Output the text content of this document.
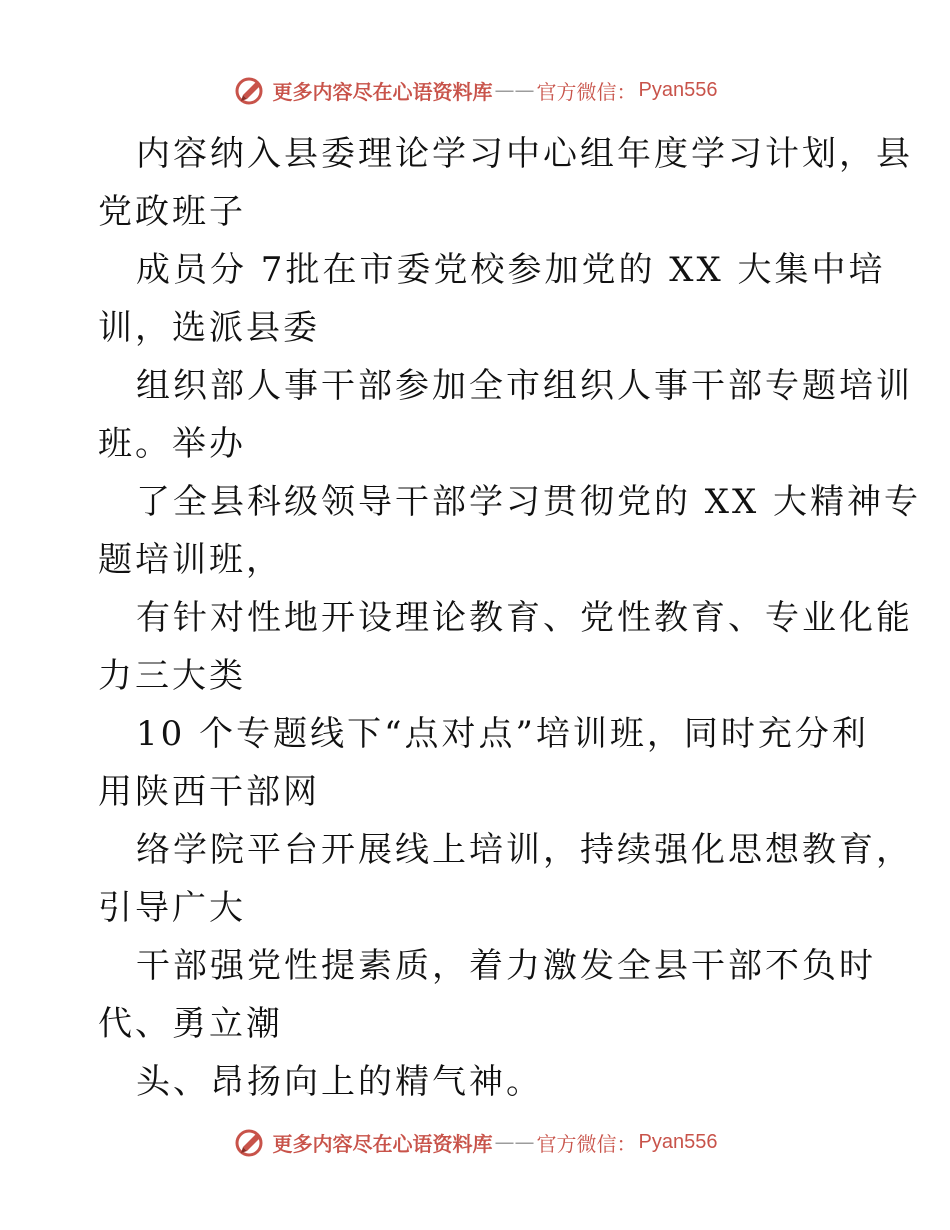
更多内容尽在心语资料库 —— 官方微信： Pyan556
内容纳入县委理论学习中心组年度学习计划，县
党政班子
成员分 7批在市委党校参加党的 XX 大集中培
训，选派县委
组织部人事干部参加全市组织人事干部专题培训
班。举办
了全县科级领导干部学习贯彻党的 XX 大精神专
题培训班，
有针对性地开设理论教育、党性教育、专业化能
力三大类
10 个专题线下“点对点”培训班，同时充分利
用陕西干部网
络学院平台开展线上培训，持续强化思想教育，
引导广大
干部强党性提素质，着力激发全县干部不负时
代、勇立潮
头、昂扬向上的精气神。
更多内容尽在心语资料库 —— 官方微信： Pyan556
